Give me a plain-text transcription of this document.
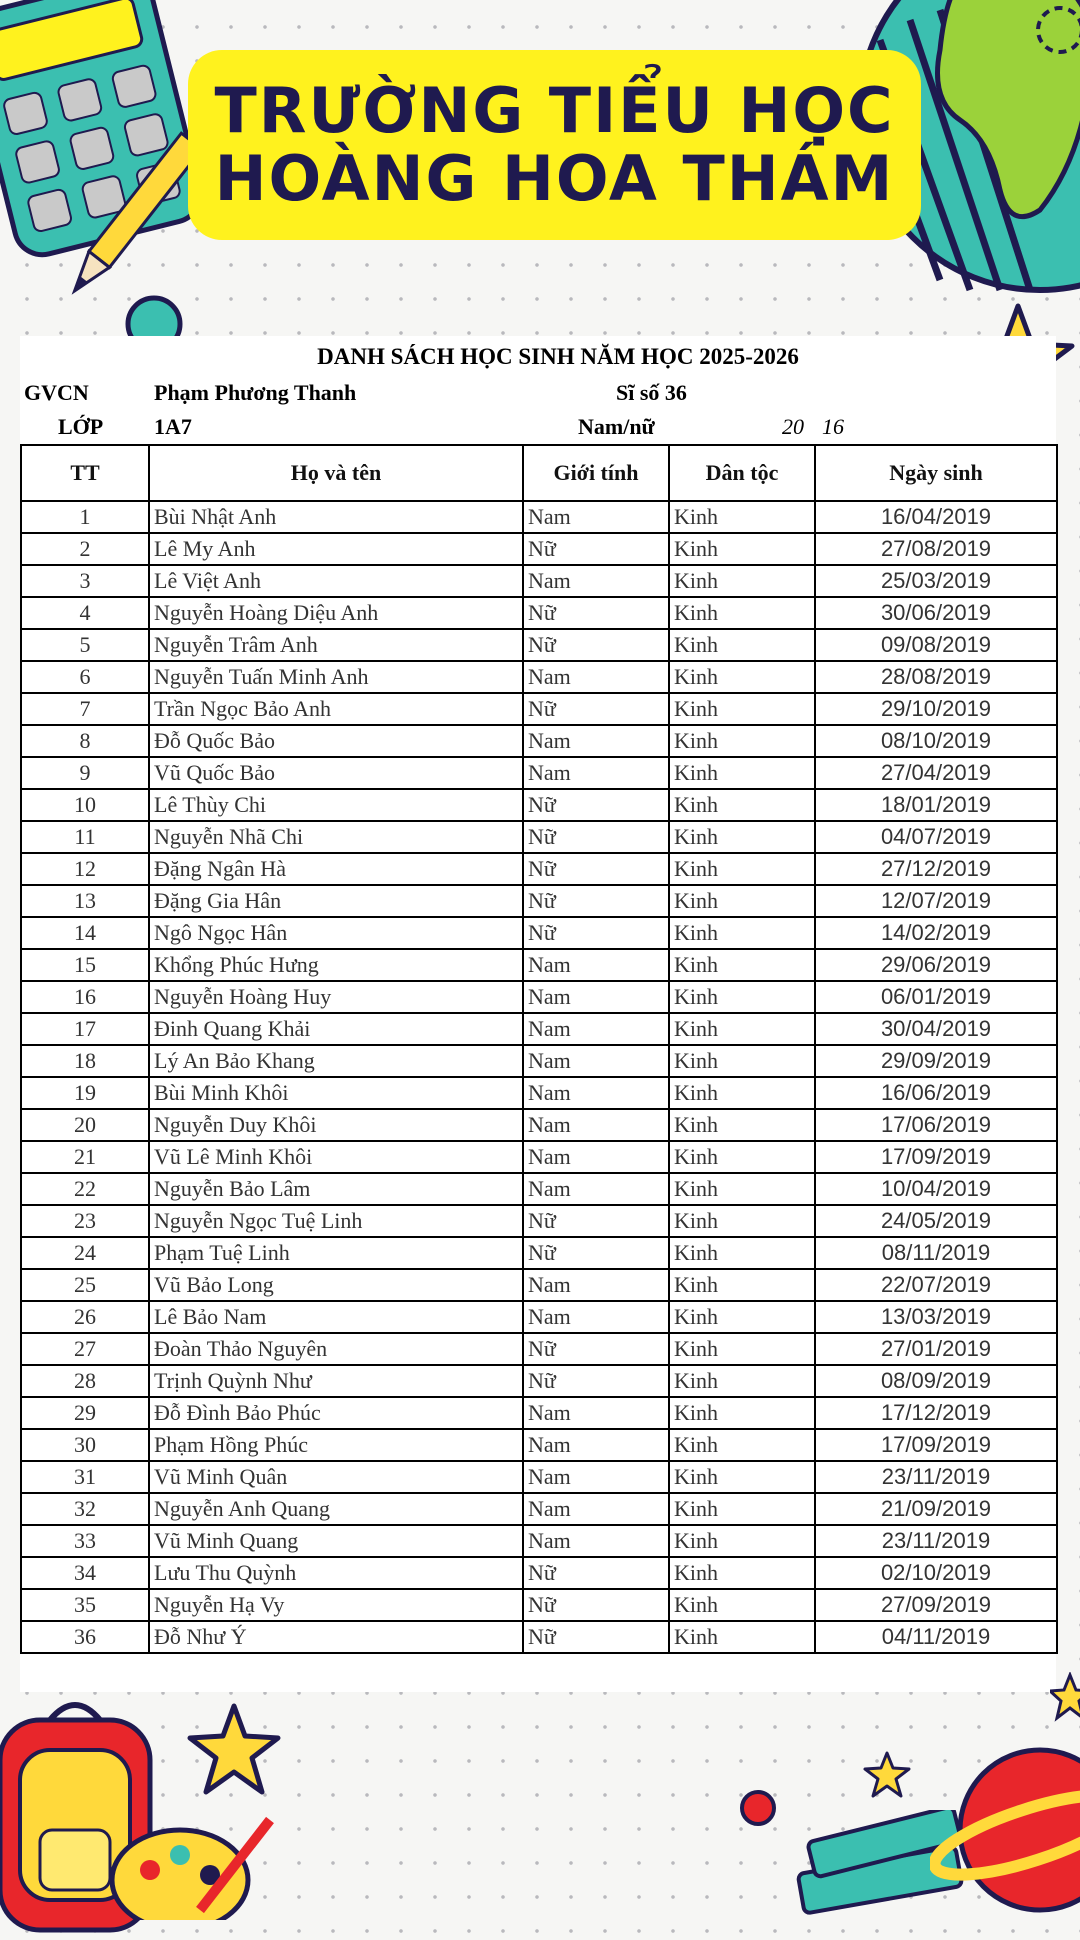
TRƯỜNG TIỂU HỌC
HOÀNG HOA THÁM
DANH SÁCH HỌC SINH NĂM HỌC 2025-2026
GVCN	Phạm Phương Thanh	Sĩ số 36
LỚP 1A7	Nam/nữ	20 16
TT	Họ và tên	Giới tính	Dân tộc	Ngày sinh
1	Bùi Nhật Anh	Nam	Kinh	16/04/2019
2	Lê My Anh	Nữ	Kinh	27/08/2019
3	Lê Việt Anh	Nam	Kinh	25/03/2019
4	Nguyễn Hoàng Diệu Anh	Nữ	Kinh	30/06/2019
5	Nguyễn Trâm Anh	Nữ	Kinh	09/08/2019
6	Nguyễn Tuấn Minh Anh	Nam	Kinh	28/08/2019
7	Trần Ngọc Bảo Anh	Nữ	Kinh	29/10/2019
8	Đỗ Quốc Bảo	Nam	Kinh	08/10/2019
9	Vũ Quốc Bảo	Nam	Kinh	27/04/2019
10	Lê Thùy Chi	Nữ	Kinh	18/01/2019
11	Nguyễn Nhã Chi	Nữ	Kinh	04/07/2019
12	Đặng Ngân Hà	Nữ	Kinh	27/12/2019
13	Đặng Gia Hân	Nữ	Kinh	12/07/2019
14	Ngô Ngọc Hân	Nữ	Kinh	14/02/2019
15	Khổng Phúc Hưng	Nam	Kinh	29/06/2019
16	Nguyễn Hoàng Huy	Nam	Kinh	06/01/2019
17	Đinh Quang Khải	Nam	Kinh	30/04/2019
18	Lý An Bảo Khang	Nam	Kinh	29/09/2019
19	Bùi Minh Khôi	Nam	Kinh	16/06/2019
20	Nguyễn Duy Khôi	Nam	Kinh	17/06/2019
21	Vũ Lê Minh Khôi	Nam	Kinh	17/09/2019
22	Nguyễn Bảo Lâm	Nam	Kinh	10/04/2019
23	Nguyễn Ngọc Tuệ Linh	Nữ	Kinh	24/05/2019
24	Phạm Tuệ Linh	Nữ	Kinh	08/11/2019
25	Vũ Bảo Long	Nam	Kinh	22/07/2019
26	Lê Bảo Nam	Nam	Kinh	13/03/2019
27	Đoàn Thảo Nguyên	Nữ	Kinh	27/01/2019
28	Trịnh Quỳnh Như	Nữ	Kinh	08/09/2019
29	Đỗ Đình Bảo Phúc	Nam	Kinh	17/12/2019
30	Phạm Hồng Phúc	Nam	Kinh	17/09/2019
31	Vũ Minh Quân	Nam	Kinh	23/11/2019
32	Nguyễn Anh Quang	Nam	Kinh	21/09/2019
33	Vũ Minh Quang	Nam	Kinh	23/11/2019
34	Lưu Thu Quỳnh	Nữ	Kinh	02/10/2019
35	Nguyễn Hạ Vy	Nữ	Kinh	27/09/2019
36	Đỗ Như Ý	Nữ	Kinh	04/11/2019
